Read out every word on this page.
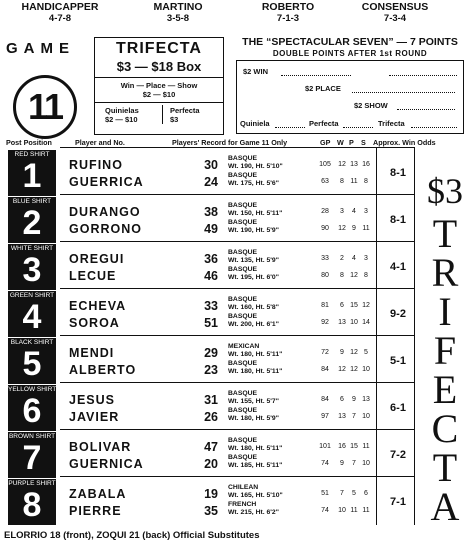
HANDICAPPER
4-7-8
MARTINO
3-5-8
ROBERTO
7-1-3
CONSENSUS
7-3-4
GAME
11
TRIFECTA
$3 — $18 Box
Win — Place — Show
$2 — $10
Quinielas
$2 — $10
Perfecta
$3
THE “SPECTACULAR SEVEN” — 7 POINTS
DOUBLE POINTS AFTER 1st ROUND
$2 WIN
$2 PLACE
$2 SHOW
Quiniela	Perfecta	Trifecta
Post Position	Player and No.	Players' Record for Game 11 Only	GP W P S Approx. Win Odds
RED SHIRT
1	RUFINO	30 BASQUE
Wt. 190, Ht. 5'10"	105	12 13 16
GUERRICA	24 BASQUE
Wt. 175, Ht. 5'6"	63	8 11 8
8-1
BLUE SHIRT
2	DURANGO	38 BASQUE
Wt. 150, Ht. 5'11"	28	3	4	3
GORRONO	49 BASQUE
Wt. 190, Ht. 5'9"	90	12 9 11
8-1
WHITE SHIRT
3	OREGUI	36 BASQUE
Wt. 135, Ht. 5'9"	33	2	4	3
LECUE	46 BASQUE
Wt. 195, Ht. 6'0"	80	8 12 8
4-1
GREEN SHIRT
4	ECHEVA	33 BASQUE
Wt. 160, Ht. 5'8"	81	6 15 12
SOROA	51 BASQUE
Wt. 200, Ht. 6'1"	92	13 10 14
9-2
BLACK SHIRT
5	MENDI	29 MEXICAN
Wt. 180, Ht. 5'11"	72	9 12 5
ALBERTO	23 BASQUE
Wt. 180, Ht. 5'11"	84	12 12 10
5-1
YELLOW SHIRT
6	JESUS	31 BASQUE
Wt. 155, Ht. 5'7"	84	6	9 13
JAVIER	26 BASQUE
Wt. 180, Ht. 5'9"	97	13 7 10
6-1
BROWN SHIRT
7	BOLIVAR	47 BASQUE
Wt. 180, Ht. 5'11"	101	16 15 11
GUERNICA	20 BASQUE
Wt. 185, Ht. 5'11"	74	9	7 10
7-2
PURPLE SHIRT
8	ZABALA	19 CHILEAN
Wt. 165, Ht. 5'10"	51	7	5	6
PIERRE	35 FRENCH
Wt. 215, Ht. 6'2"	74	10 11 11
7-1
$3
T
R
I
F
E
C
T
A
ELORRIO 18 (front), ZOQUI 21 (back) Official Substitutes
